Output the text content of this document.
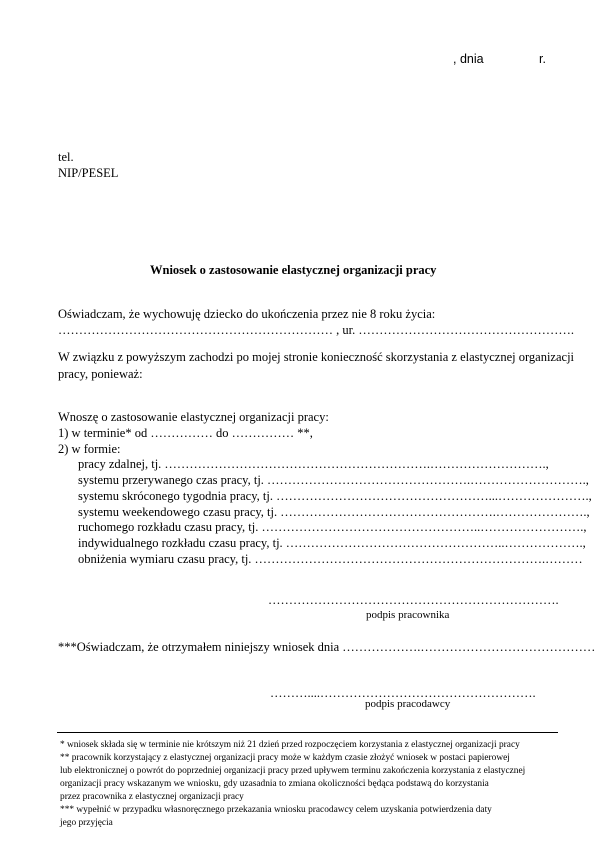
, dnia	r.
tel.
NIP/PESEL
Wniosek o zastosowanie elastycznej organizacji pracy
Oświadczam, że wychowuję dziecko do ukończenia przez nie 8 roku życia:
………………………………………………………… , ur. …………………………………………….
W związku z powyższym zachodzi po mojej stronie konieczność skorzystania z elastycznej organizacji
pracy, ponieważ:
Wnoszę o zastosowanie elastycznej organizacji pracy:
1) w terminie* od …………… do …………… **,
2) w formie:
pracy zdalnej, tj. ……………………………………………………….……………………….,
systemu przerywanego czas pracy, tj. ………………………………………….……………………….,
systemu skróconego tygodnia pracy, tj. ……………………………………………...………………….,
systemu weekendowego czasu pracy, tj. …………………………………………….………………….,
ruchomego rozkładu czasu pracy, tj. ……………………………………………..…………………….,
indywidualnego rozkładu czasu pracy, tj. ……………………………………………..……………….,
obniżenia wymiaru czasu pracy, tj. …………………………………………………………….………
…………………………………………………………….
podpis pracownika
***Oświadczam, że otrzymałem niniejszy wniosek dnia ……………….……………………………………
………....…………………………………………….
podpis pracodawcy
* wniosek składa się w terminie nie krótszym niż 21 dzień przed rozpoczęciem korzystania z elastycznej organizacji pracy
** pracownik korzystający z elastycznej organizacji pracy może w każdym czasie złożyć wniosek w postaci papierowej
lub elektronicznej o powrót do poprzedniej organizacji pracy przed upływem terminu zakończenia korzystania z elastycznej
organizacji pracy wskazanym we wniosku, gdy uzasadnia to zmiana okoliczności będąca podstawą do korzystania
przez pracownika z elastycznej organizacji pracy
*** wypełnić w przypadku własnoręcznego przekazania wniosku pracodawcy celem uzyskania potwierdzenia daty
jego przyjęcia
